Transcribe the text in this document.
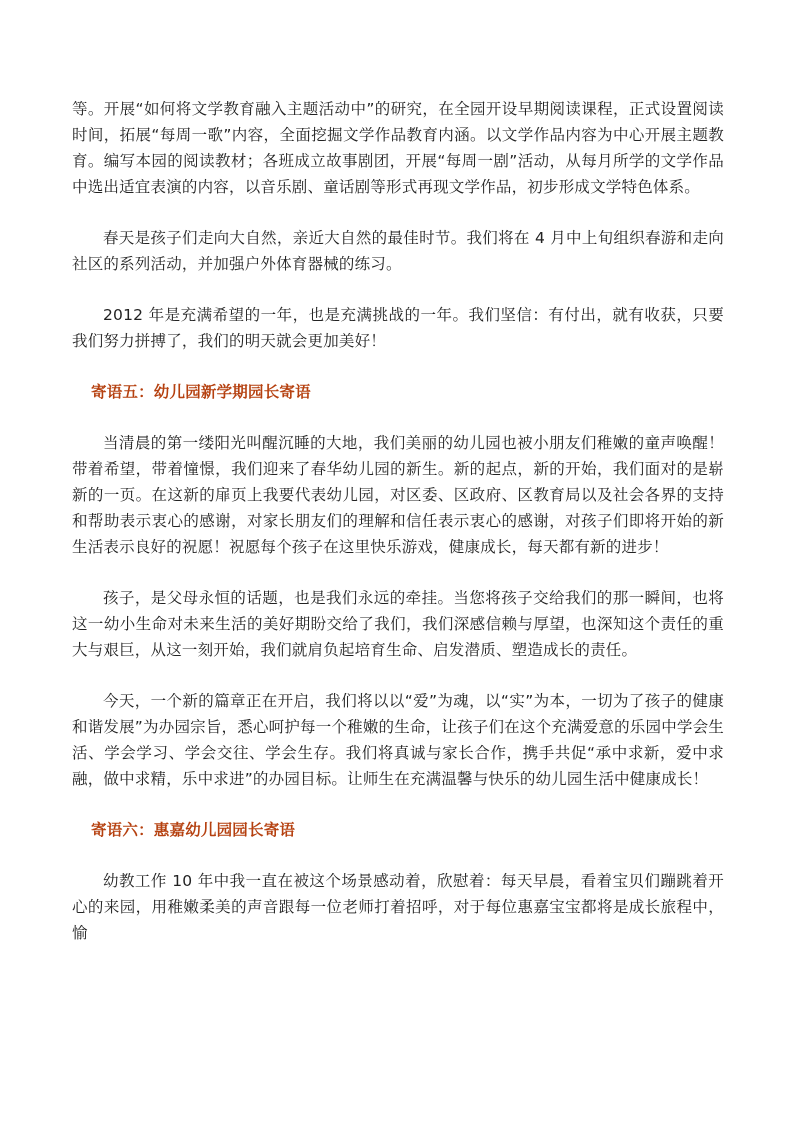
等。开展“如何将文学教育融入主题活动中”的研究，在全园开设早期阅读课程，正式设置阅读时间，拓展“每周一歌”内容，全面挖掘文学作品教育内涵。以文学作品内容为中心开展主题教育。编写本园的阅读教材；各班成立故事剧团，开展“每周一剧”活动，从每月所学的文学作品中选出适宜表演的内容，以音乐剧、童话剧等形式再现文学作品，初步形成文学特色体系。

春天是孩子们走向大自然，亲近大自然的最佳时节。我们将在 4 月中上旬组织春游和走向社区的系列活动，并加强户外体育器械的练习。

2012 年是充满希望的一年，也是充满挑战的一年。我们坚信：有付出，就有收获，只要我们努力拼搏了，我们的明天就会更加美好！

寄语五：幼儿园新学期园长寄语

当清晨的第一缕阳光叫醒沉睡的大地，我们美丽的幼儿园也被小朋友们稚嫩的童声唤醒！带着希望，带着憧憬，我们迎来了春华幼儿园的新生。新的起点，新的开始，我们面对的是崭新的一页。在这新的扉页上我要代表幼儿园，对区委、区政府、区教育局以及社会各界的支持和帮助表示衷心的感谢，对家长朋友们的理解和信任表示衷心的感谢，对孩子们即将开始的新生活表示良好的祝愿！祝愿每个孩子在这里快乐游戏，健康成长，每天都有新的进步！

孩子，是父母永恒的话题，也是我们永远的牵挂。当您将孩子交给我们的那一瞬间，也将这一幼小生命对未来生活的美好期盼交给了我们，我们深感信赖与厚望，也深知这个责任的重大与艰巨，从这一刻开始，我们就肩负起培育生命、启发潜质、塑造成长的责任。

今天，一个新的篇章正在开启，我们将以以“爱”为魂，以“实”为本，一切为了孩子的健康和谐发展”为办园宗旨，悉心呵护每一个稚嫩的生命，让孩子们在这个充满爱意的乐园中学会生活、学会学习、学会交往、学会生存。我们将真诚与家长合作，携手共促“承中求新，爱中求融，做中求精，乐中求进”的办园目标。让师生在充满温馨与快乐的幼儿园生活中健康成长！

寄语六：惠嘉幼儿园园长寄语

幼教工作 10 年中我一直在被这个场景感动着，欣慰着：每天早晨，看着宝贝们蹦跳着开心的来园，用稚嫩柔美的声音跟每一位老师打着招呼，对于每位惠嘉宝宝都将是成长旅程中，愉
